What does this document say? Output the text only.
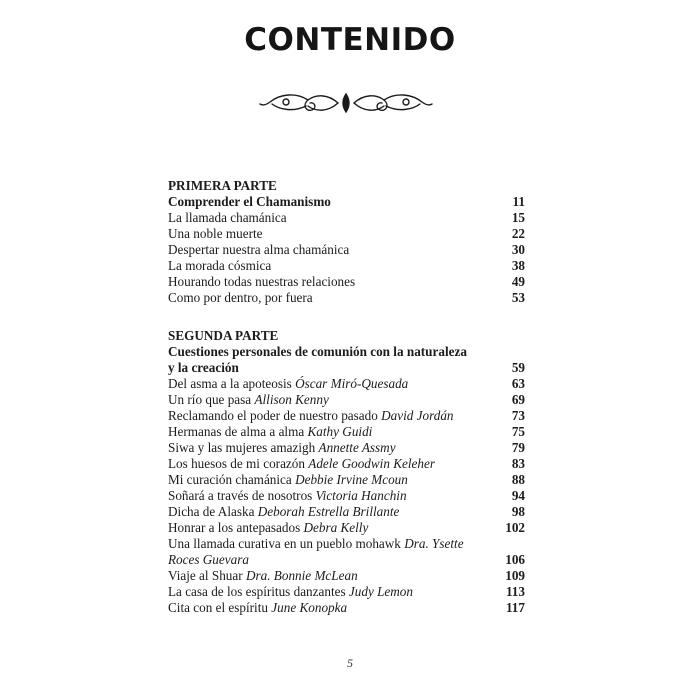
CONTENIDO
PRIMERA PARTE
Comprender el Chamanismo	11
La llamada chamánica	15
Una noble muerte	22
Despertar nuestra alma chamánica	30
La morada cósmica	38
Hourando todas nuestras relaciones	49
Como por dentro, por fuera	53
SEGUNDA PARTE
Cuestiones personales de comunión con la naturaleza y la creación	59
Del asma a la apoteosis Óscar Miró-Quesada	63
Un río que pasa Allison Kenny	69
Reclamando el poder de nuestro pasado David Jordán	73
Hermanas de alma a alma Kathy Guidi	75
Siwa y las mujeres amazigh Annette Assmy	79
Los huesos de mi corazón Adele Goodwin Keleher	83
Mi curación chamánica Debbie Irvine Mcoun	88
Soñará a través de nosotros Victoria Hanchin	94
Dicha de Alaska Deborah Estrella Brillante	98
Honrar a los antepasados Debra Kelly	102
Una llamada curativa en un pueblo mohawk Dra. Ysette Roces Guevara	106
Viaje al Shuar Dra. Bonnie McLean	109
La casa de los espíritus danzantes Judy Lemon	113
Cita con el espíritu June Konopka	117
5
